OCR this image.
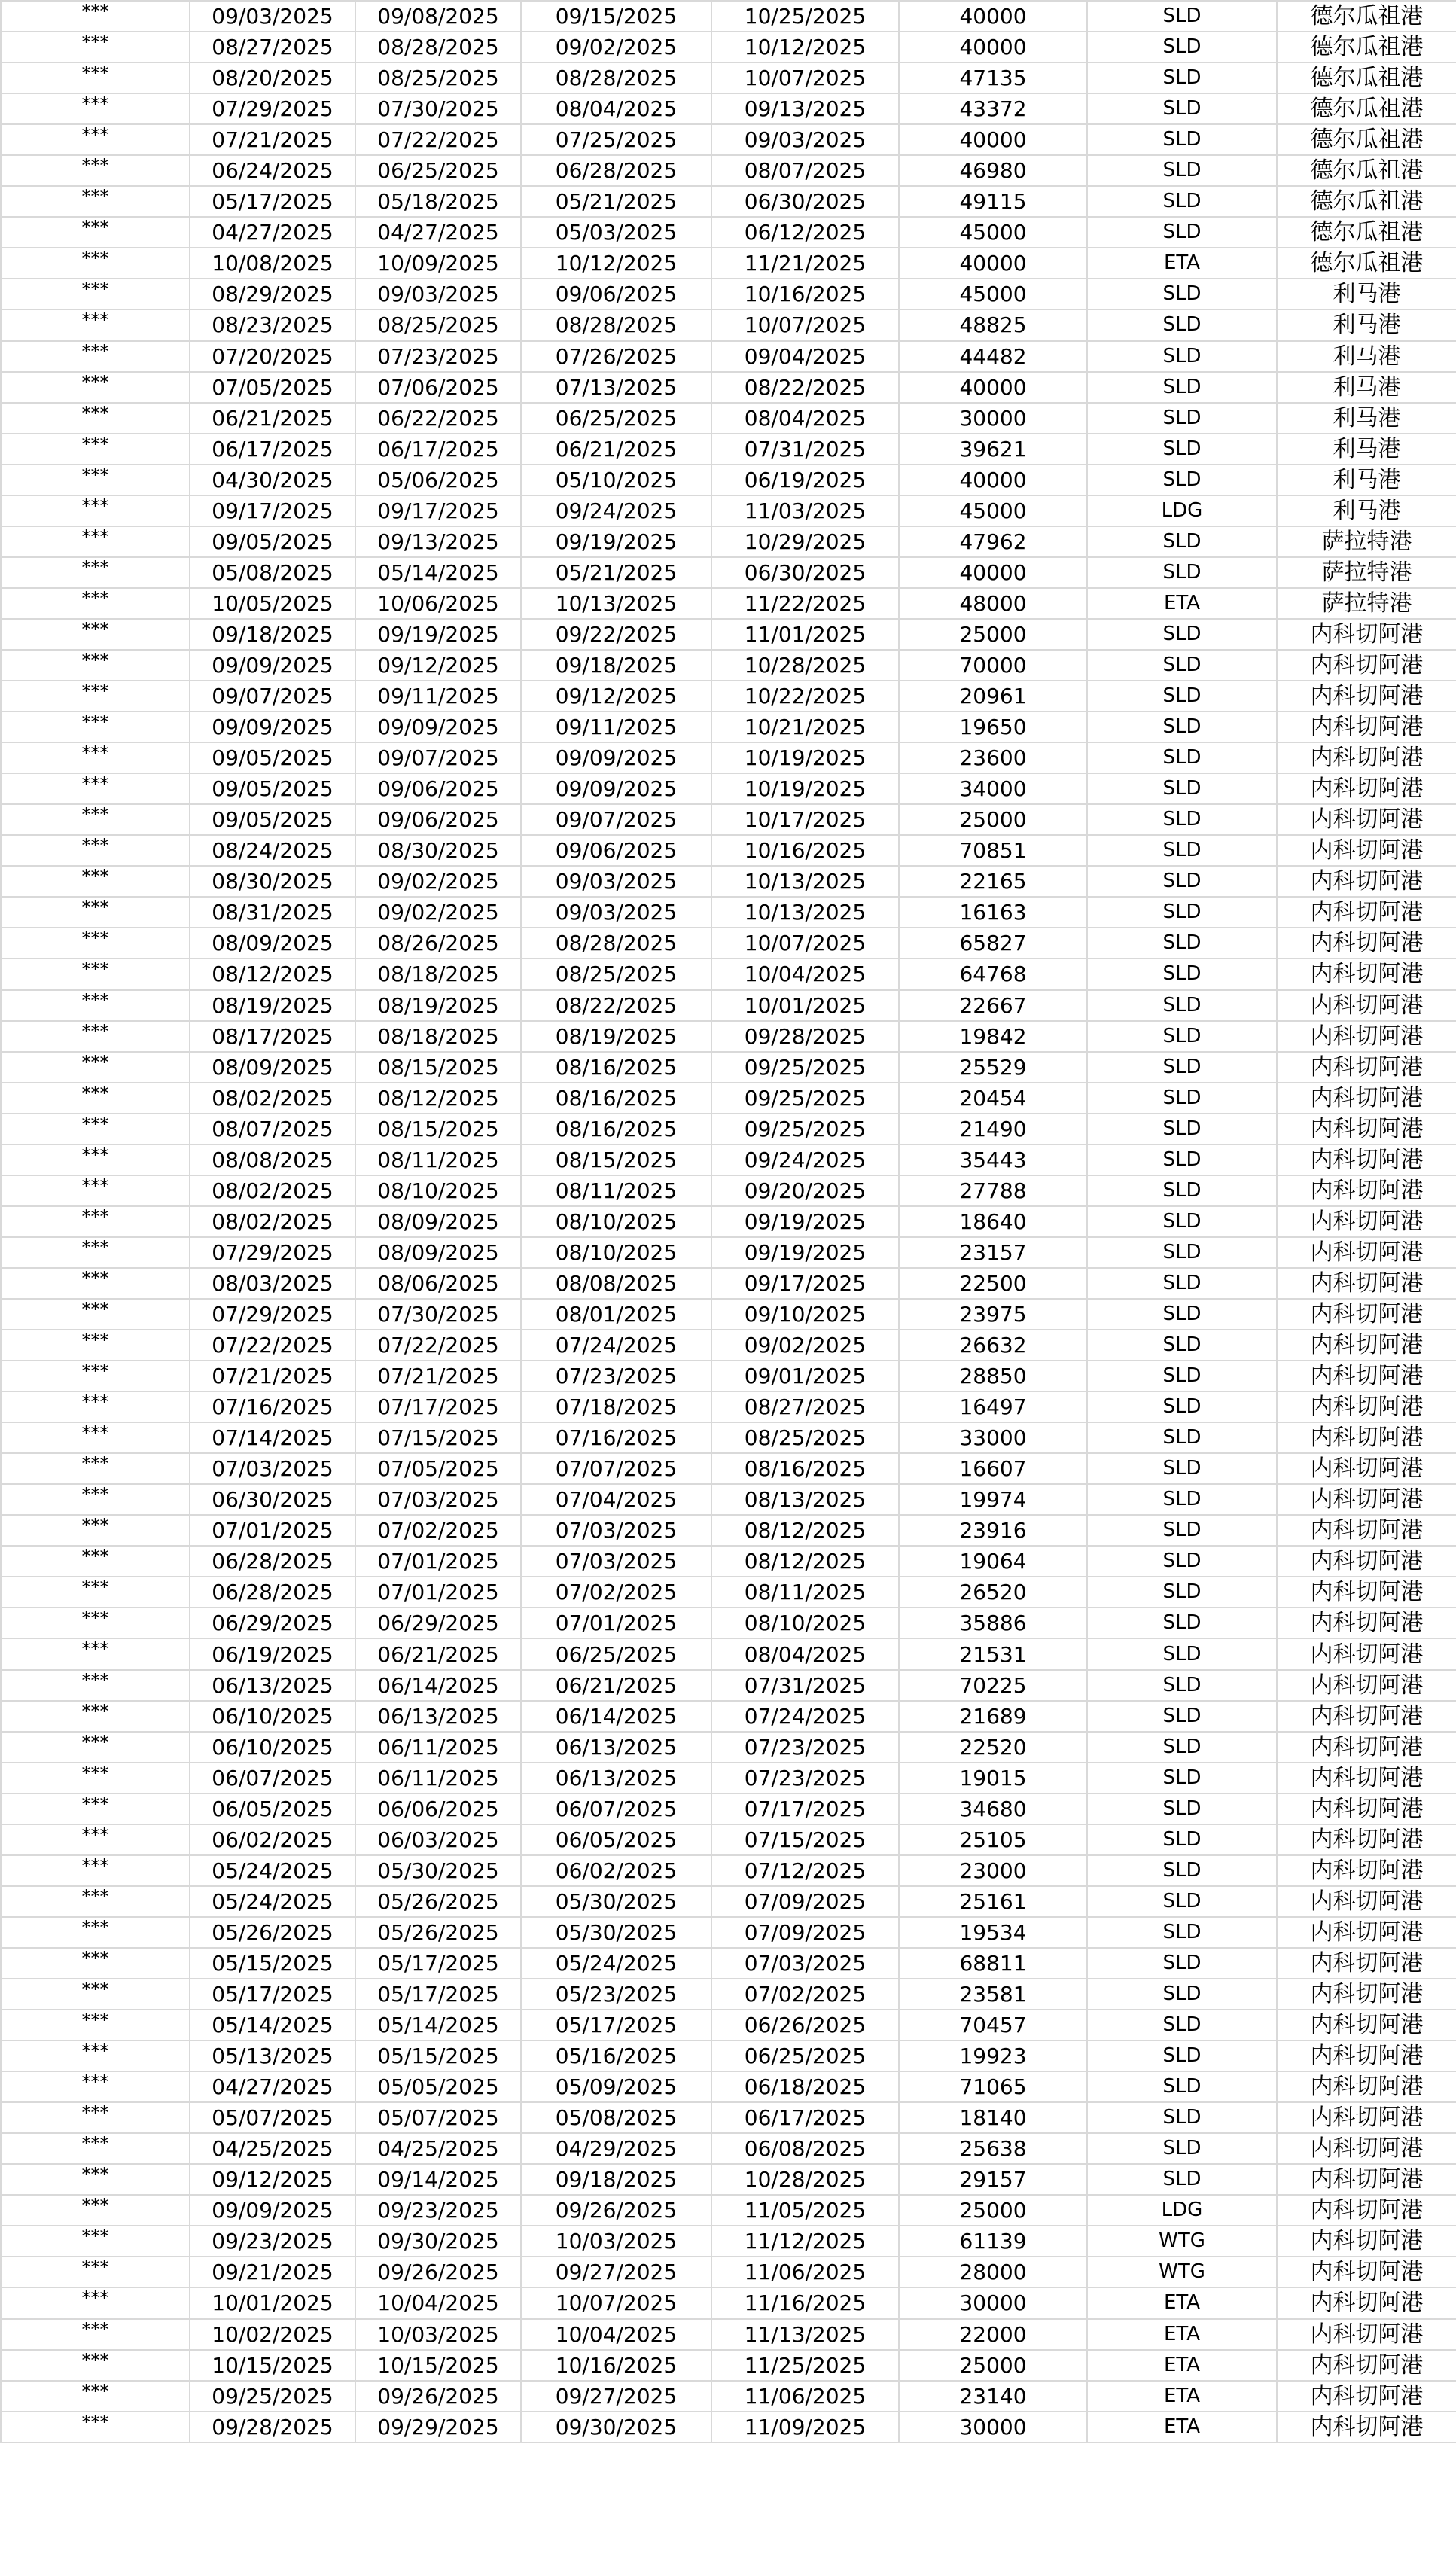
***	09/03/2025	09/08/2025	09/15/2025	10/25/2025	40000	SLD	德尔瓜祖港
***	08/27/2025	08/28/2025	09/02/2025	10/12/2025	40000	SLD	德尔瓜祖港
***	08/20/2025	08/25/2025	08/28/2025	10/07/2025	47135	SLD	德尔瓜祖港
***	07/29/2025	07/30/2025	08/04/2025	09/13/2025	43372	SLD	德尔瓜祖港
***	07/21/2025	07/22/2025	07/25/2025	09/03/2025	40000	SLD	德尔瓜祖港
***	06/24/2025	06/25/2025	06/28/2025	08/07/2025	46980	SLD	德尔瓜祖港
***	05/17/2025	05/18/2025	05/21/2025	06/30/2025	49115	SLD	德尔瓜祖港
***	04/27/2025	04/27/2025	05/03/2025	06/12/2025	45000	SLD	德尔瓜祖港
***	10/08/2025	10/09/2025	10/12/2025	11/21/2025	40000	ETA	德尔瓜祖港
***	08/29/2025	09/03/2025	09/06/2025	10/16/2025	45000	SLD	利马港
***	08/23/2025	08/25/2025	08/28/2025	10/07/2025	48825	SLD	利马港
***	07/20/2025	07/23/2025	07/26/2025	09/04/2025	44482	SLD	利马港
***	07/05/2025	07/06/2025	07/13/2025	08/22/2025	40000	SLD	利马港
***	06/21/2025	06/22/2025	06/25/2025	08/04/2025	30000	SLD	利马港
***	06/17/2025	06/17/2025	06/21/2025	07/31/2025	39621	SLD	利马港
***	04/30/2025	05/06/2025	05/10/2025	06/19/2025	40000	SLD	利马港
***	09/17/2025	09/17/2025	09/24/2025	11/03/2025	45000	LDG	利马港
***	09/05/2025	09/13/2025	09/19/2025	10/29/2025	47962	SLD	萨拉特港
***	05/08/2025	05/14/2025	05/21/2025	06/30/2025	40000	SLD	萨拉特港
***	10/05/2025	10/06/2025	10/13/2025	11/22/2025	48000	ETA	萨拉特港
***	09/18/2025	09/19/2025	09/22/2025	11/01/2025	25000	SLD	内科切阿港
***	09/09/2025	09/12/2025	09/18/2025	10/28/2025	70000	SLD	内科切阿港
***	09/07/2025	09/11/2025	09/12/2025	10/22/2025	20961	SLD	内科切阿港
***	09/09/2025	09/09/2025	09/11/2025	10/21/2025	19650	SLD	内科切阿港
***	09/05/2025	09/07/2025	09/09/2025	10/19/2025	23600	SLD	内科切阿港
***	09/05/2025	09/06/2025	09/09/2025	10/19/2025	34000	SLD	内科切阿港
***	09/05/2025	09/06/2025	09/07/2025	10/17/2025	25000	SLD	内科切阿港
***	08/24/2025	08/30/2025	09/06/2025	10/16/2025	70851	SLD	内科切阿港
***	08/30/2025	09/02/2025	09/03/2025	10/13/2025	22165	SLD	内科切阿港
***	08/31/2025	09/02/2025	09/03/2025	10/13/2025	16163	SLD	内科切阿港
***	08/09/2025	08/26/2025	08/28/2025	10/07/2025	65827	SLD	内科切阿港
***	08/12/2025	08/18/2025	08/25/2025	10/04/2025	64768	SLD	内科切阿港
***	08/19/2025	08/19/2025	08/22/2025	10/01/2025	22667	SLD	内科切阿港
***	08/17/2025	08/18/2025	08/19/2025	09/28/2025	19842	SLD	内科切阿港
***	08/09/2025	08/15/2025	08/16/2025	09/25/2025	25529	SLD	内科切阿港
***	08/02/2025	08/12/2025	08/16/2025	09/25/2025	20454	SLD	内科切阿港
***	08/07/2025	08/15/2025	08/16/2025	09/25/2025	21490	SLD	内科切阿港
***	08/08/2025	08/11/2025	08/15/2025	09/24/2025	35443	SLD	内科切阿港
***	08/02/2025	08/10/2025	08/11/2025	09/20/2025	27788	SLD	内科切阿港
***	08/02/2025	08/09/2025	08/10/2025	09/19/2025	18640	SLD	内科切阿港
***	07/29/2025	08/09/2025	08/10/2025	09/19/2025	23157	SLD	内科切阿港
***	08/03/2025	08/06/2025	08/08/2025	09/17/2025	22500	SLD	内科切阿港
***	07/29/2025	07/30/2025	08/01/2025	09/10/2025	23975	SLD	内科切阿港
***	07/22/2025	07/22/2025	07/24/2025	09/02/2025	26632	SLD	内科切阿港
***	07/21/2025	07/21/2025	07/23/2025	09/01/2025	28850	SLD	内科切阿港
***	07/16/2025	07/17/2025	07/18/2025	08/27/2025	16497	SLD	内科切阿港
***	07/14/2025	07/15/2025	07/16/2025	08/25/2025	33000	SLD	内科切阿港
***	07/03/2025	07/05/2025	07/07/2025	08/16/2025	16607	SLD	内科切阿港
***	06/30/2025	07/03/2025	07/04/2025	08/13/2025	19974	SLD	内科切阿港
***	07/01/2025	07/02/2025	07/03/2025	08/12/2025	23916	SLD	内科切阿港
***	06/28/2025	07/01/2025	07/03/2025	08/12/2025	19064	SLD	内科切阿港
***	06/28/2025	07/01/2025	07/02/2025	08/11/2025	26520	SLD	内科切阿港
***	06/29/2025	06/29/2025	07/01/2025	08/10/2025	35886	SLD	内科切阿港
***	06/19/2025	06/21/2025	06/25/2025	08/04/2025	21531	SLD	内科切阿港
***	06/13/2025	06/14/2025	06/21/2025	07/31/2025	70225	SLD	内科切阿港
***	06/10/2025	06/13/2025	06/14/2025	07/24/2025	21689	SLD	内科切阿港
***	06/10/2025	06/11/2025	06/13/2025	07/23/2025	22520	SLD	内科切阿港
***	06/07/2025	06/11/2025	06/13/2025	07/23/2025	19015	SLD	内科切阿港
***	06/05/2025	06/06/2025	06/07/2025	07/17/2025	34680	SLD	内科切阿港
***	06/02/2025	06/03/2025	06/05/2025	07/15/2025	25105	SLD	内科切阿港
***	05/24/2025	05/30/2025	06/02/2025	07/12/2025	23000	SLD	内科切阿港
***	05/24/2025	05/26/2025	05/30/2025	07/09/2025	25161	SLD	内科切阿港
***	05/26/2025	05/26/2025	05/30/2025	07/09/2025	19534	SLD	内科切阿港
***	05/15/2025	05/17/2025	05/24/2025	07/03/2025	68811	SLD	内科切阿港
***	05/17/2025	05/17/2025	05/23/2025	07/02/2025	23581	SLD	内科切阿港
***	05/14/2025	05/14/2025	05/17/2025	06/26/2025	70457	SLD	内科切阿港
***	05/13/2025	05/15/2025	05/16/2025	06/25/2025	19923	SLD	内科切阿港
***	04/27/2025	05/05/2025	05/09/2025	06/18/2025	71065	SLD	内科切阿港
***	05/07/2025	05/07/2025	05/08/2025	06/17/2025	18140	SLD	内科切阿港
***	04/25/2025	04/25/2025	04/29/2025	06/08/2025	25638	SLD	内科切阿港
***	09/12/2025	09/14/2025	09/18/2025	10/28/2025	29157	SLD	内科切阿港
***	09/09/2025	09/23/2025	09/26/2025	11/05/2025	25000	LDG	内科切阿港
***	09/23/2025	09/30/2025	10/03/2025	11/12/2025	61139	WTG	内科切阿港
***	09/21/2025	09/26/2025	09/27/2025	11/06/2025	28000	WTG	内科切阿港
***	10/01/2025	10/04/2025	10/07/2025	11/16/2025	30000	ETA	内科切阿港
***	10/02/2025	10/03/2025	10/04/2025	11/13/2025	22000	ETA	内科切阿港
***	10/15/2025	10/15/2025	10/16/2025	11/25/2025	25000	ETA	内科切阿港
***	09/25/2025	09/26/2025	09/27/2025	11/06/2025	23140	ETA	内科切阿港
***	09/28/2025	09/29/2025	09/30/2025	11/09/2025	30000	ETA	内科切阿港
